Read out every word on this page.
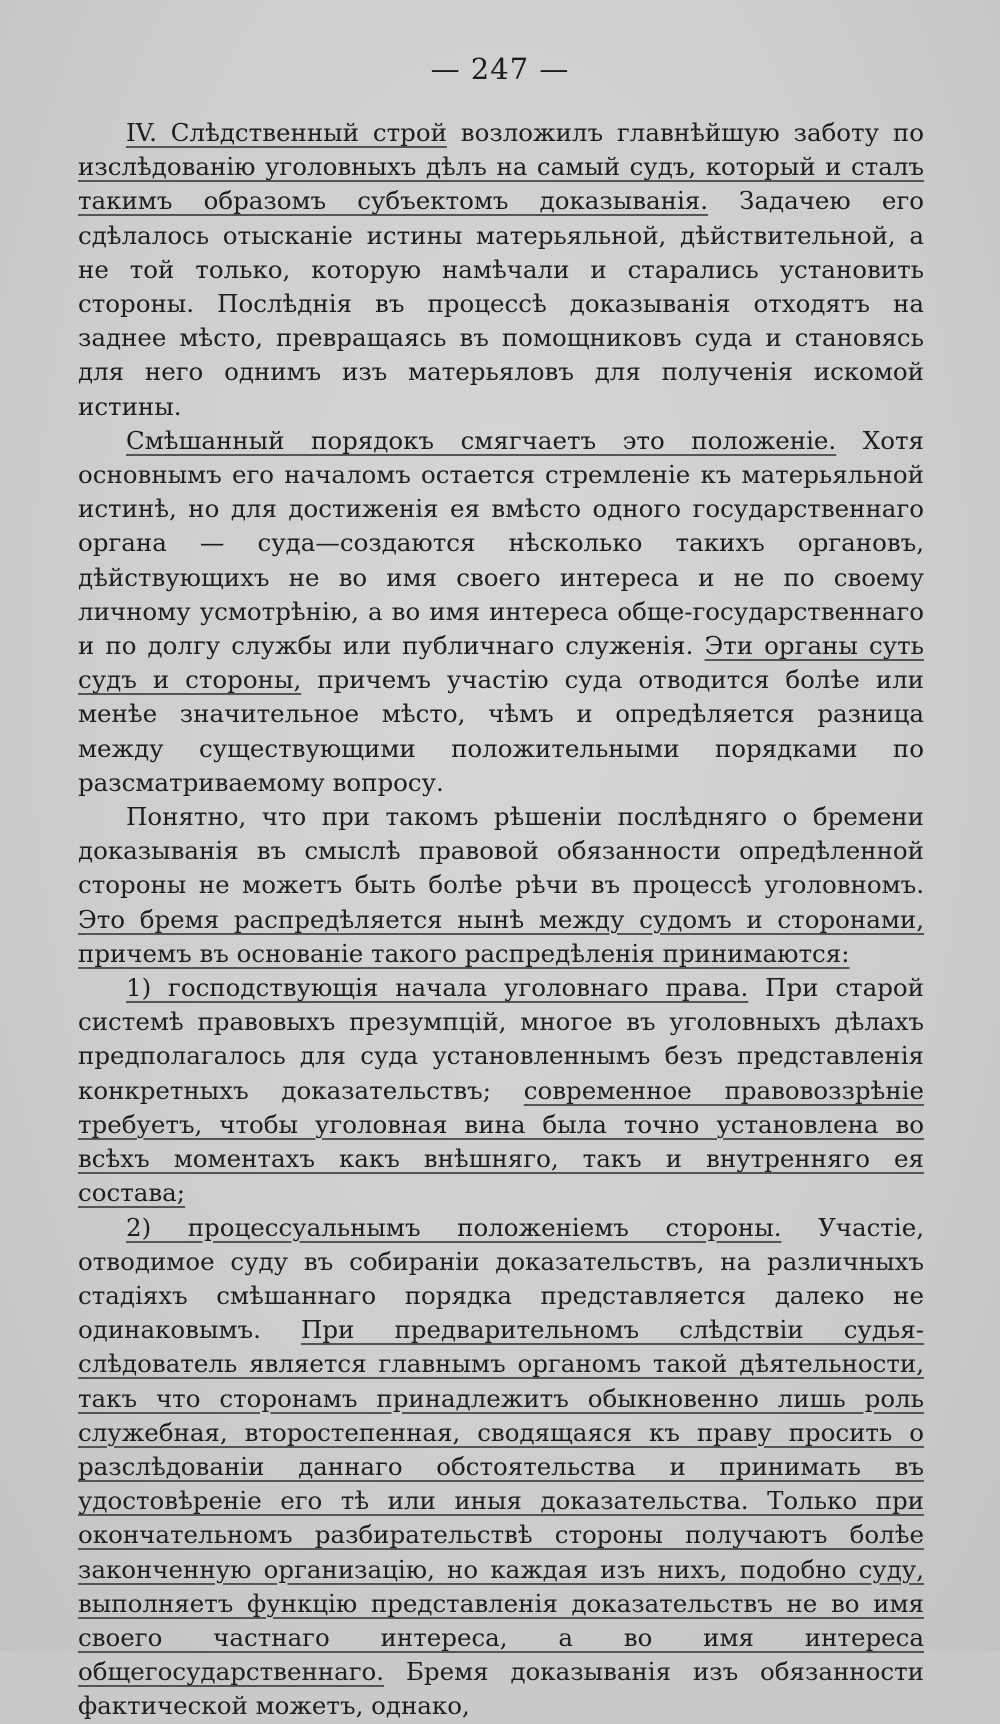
— 247 —

IV. Слѣдственный строй возложилъ главнѣйшую заботу по изслѣдованію уголовныхъ дѣлъ на самый судъ, который и сталъ такимъ образомъ субъектомъ доказыванія. Задачею его сдѣлалось отысканіе истины матерьяльной, дѣйствительной, а не той только, которую намѣчали и старались установить стороны. Послѣднія въ процессѣ доказыванія отходятъ на заднее мѣсто, превращаясь въ помощниковъ суда и становясь для него однимъ изъ матерьяловъ для полученія искомой истины.

Смѣшанный порядокъ смягчаетъ это положеніе. Хотя основнымъ его началомъ остается стремленіе къ матерьяльной истинѣ, но для достиженія ея вмѣсто одного государственнаго органа — суда—создаются нѣсколько такихъ органовъ, дѣйствующихъ не во имя своего интереса и не по своему личному усмотрѣнію, а во имя интереса обще-государственнаго и по долгу службы или публичнаго служенія. Эти органы суть судъ и стороны, причемъ участію суда отводится болѣе или менѣе значительное мѣсто, чѣмъ и опредѣляется разница между существующими положительными порядками по разсматриваемому вопросу.

Понятно, что при такомъ рѣшеніи послѣдняго о бремени доказыванія въ смыслѣ правовой обязанности опредѣленной стороны не можетъ быть болѣе рѣчи въ процессѣ уголовномъ. Это бремя распредѣляется нынѣ между судомъ и сторонами, причемъ въ основаніе такого распредѣленія принимаются:

1) господствующія начала уголовнаго права. При старой системѣ правовыхъ презумпцій, многое въ уголовныхъ дѣлахъ предполагалось для суда установленнымъ безъ представленія конкретныхъ доказательствъ; современное правовоззрѣніе требуетъ, чтобы уголовная вина была точно установлена во всѣхъ моментахъ какъ внѣшняго, такъ и внутренняго ея состава;

2) процессуальнымъ положеніемъ стороны. Участіе, отводимое суду въ собираніи доказательствъ, на различныхъ стадіяхъ смѣшаннаго порядка представляется далеко не одинаковымъ. При предварительномъ слѣдствіи судья-слѣдователь является главнымъ органомъ такой дѣятельности, такъ что сторонамъ принадлежитъ обыкновенно лишь роль служебная, второстепенная, сводящаяся къ праву просить о разслѣдованіи даннаго обстоятельства и принимать въ удостовѣреніе его тѣ или иныя доказательства. Только при окончательномъ разбирательствѣ стороны получаютъ болѣе законченную организацію, но каждая изъ нихъ, подобно суду, выполняетъ функцію представленія доказательствъ не во имя своего частнаго интереса, а во имя интереса общегосударственнаго. Бремя доказыванія изъ обязанности фактической можетъ, однако,
